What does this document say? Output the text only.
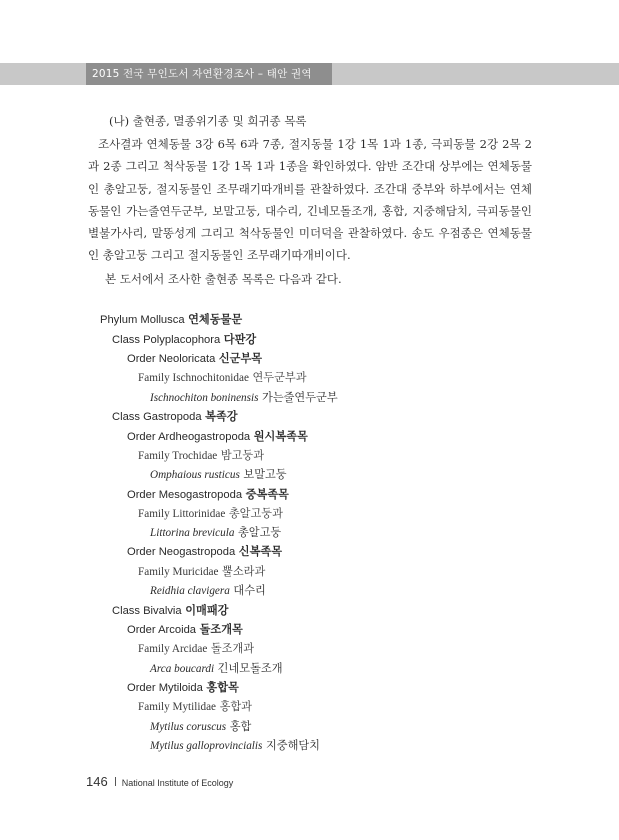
2015 전국 무인도서 자연환경조사 – 태안 권역
(나) 출현종, 멸종위기종 및 희귀종 목록
조사결과 연체동물 3강 6목 6과 7종, 절지동물 1강 1목 1과 1종, 극피동물 2강 2목 2과 2종 그리고 척삭동물 1강 1목 1과 1종을 확인하였다. 암반 조간대 상부에는 연체동물인 총알고둥, 절지동물인 조무래기따개비를 관찰하였다. 조간대 중부와 하부에서는 연체동물인 가는줄연두군부, 보말고둥, 대수리, 긴네모돌조개, 홍합, 지중해담치, 극피동물인 별불가사리, 말똥성게 그리고 척삭동물인 미더덕을 관찰하였다. 송도 우점종은 연체동물인 총알고둥 그리고 절지동물인 조무래기따개비이다.
본 도서에서 조사한 출현종 목록은 다음과 같다.
Phylum Mollusca 연체동물문
Class Polyplacophora 다판강
Order Neoloricata 신군부목
Family Ischnochitonidae 연두군부과
Ischnochiton boninensis 가는줄연두군부
Class Gastropoda 복족강
Order Ardheogastropoda 원시복족목
Family Trochidae 밤고둥과
Omphaious rusticus 보말고둥
Order Mesogastropoda 중복족목
Family Littorinidae 총알고둥과
Littorina brevicula 총알고둥
Order Neogastropoda 신복족목
Family Muricidae 뿔소라과
Reidhia clavigera 대수리
Class Bivalvia 이매패강
Order Arcoida 돌조개목
Family Arcidae 돌조개과
Arca boucardi 긴네모돌조개
Order Mytiloida 홍합목
Family Mytilidae 홍합과
Mytilus coruscus 홍합
Mytilus galloprovincialis 지중해담치
146 National Institute of Ecology
